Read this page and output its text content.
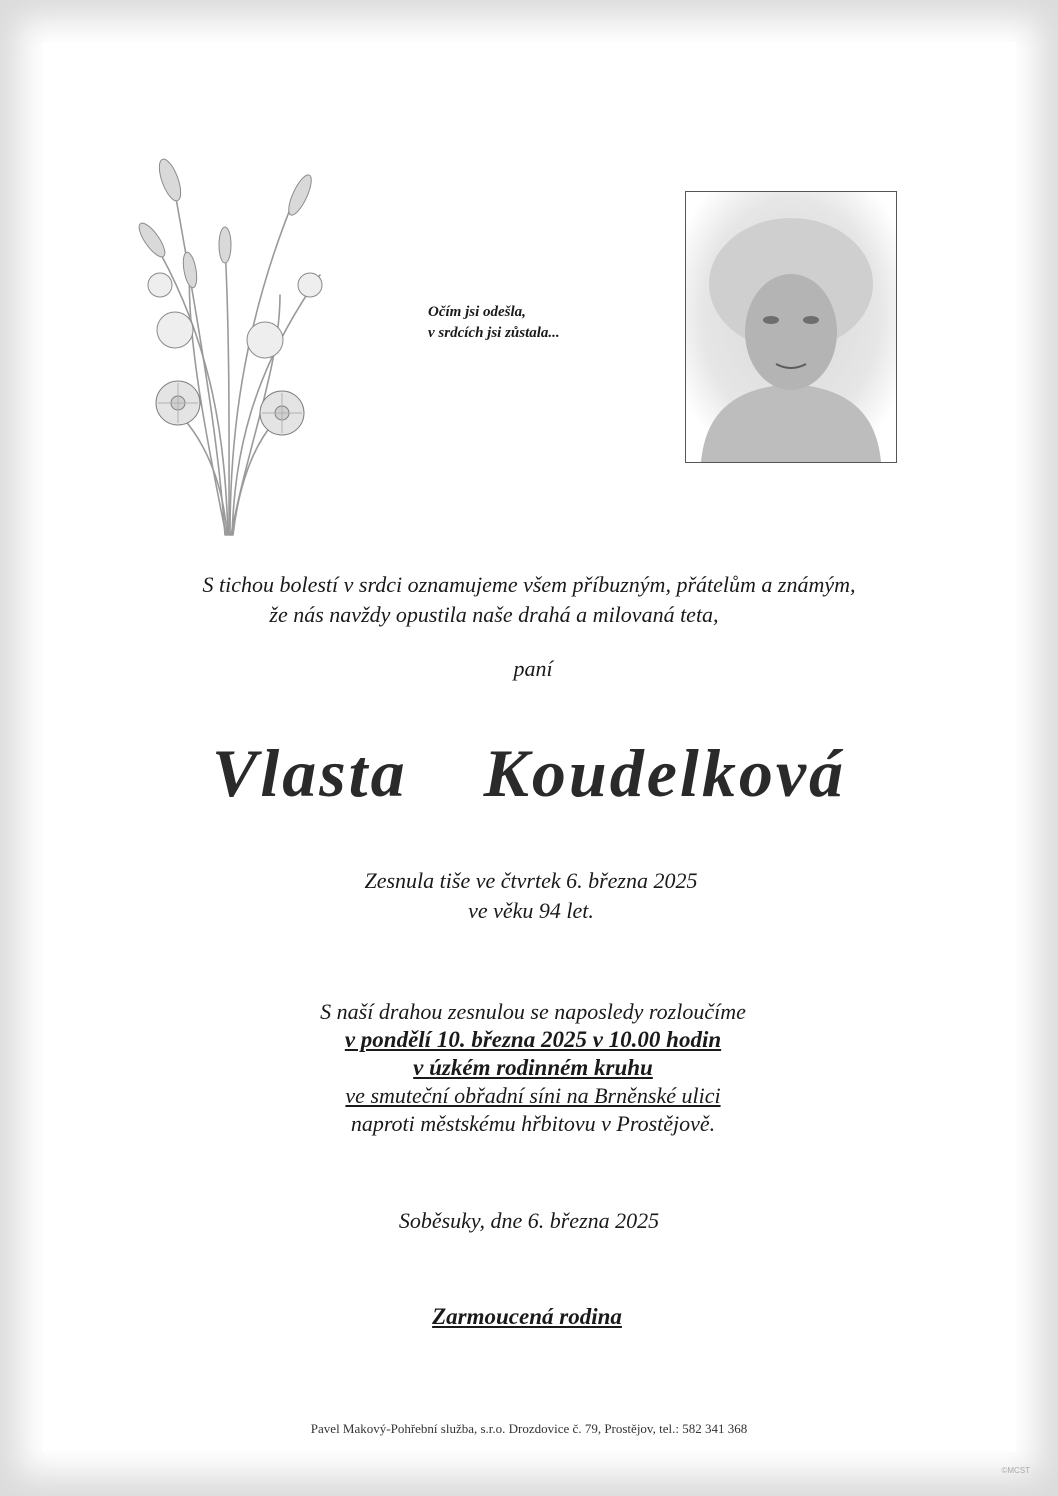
Očím jsi odešla,
v srdcích jsi zůstala...
S tichou bolestí v srdci oznamujeme všem příbuzným, přátelům a známým,
že nás navždy opustila naše drahá a milovaná teta,
paní
Vlasta  Koudelková
Zesnula tiše ve čtvrtek 6. března 2025
ve věku 94 let.
S naší drahou zesnulou se naposledy rozloučíme
v pondělí 10. března 2025 v 10.00 hodin
v úzkém rodinném kruhu
ve smuteční obřadní síni na Brněnské ulici
naproti městskému hřbitovu v Prostějově.
Soběsuky, dne 6. března 2025
Zarmoucená rodina
Pavel Makový-Pohřební služba, s.r.o. Drozdovice č. 79, Prostějov, tel.: 582 341 368
©MCST
